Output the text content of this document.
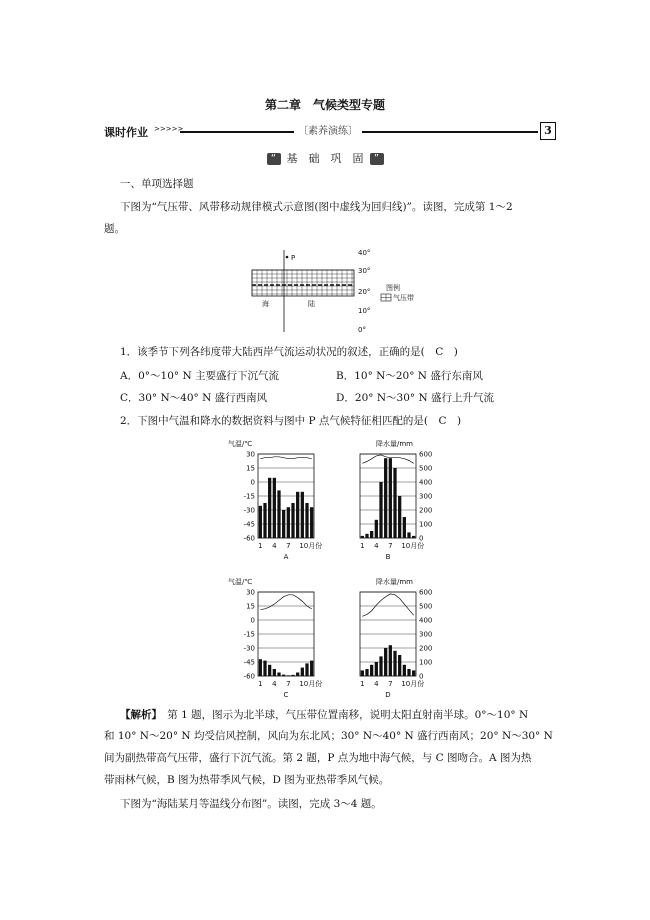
第二章　气候类型专题
课时作业 >>>>>	〔素养演练〕	3
“ 基　础　巩　固 ”
一、单项选择题
下图为“气压带、风带移动规律模式示意图(图中虚线为回归线)”。读图，完成第 1～2
题。
P
海	陆
40°
30°
20°
10°
0°
图例
气压带
1．该季节下列各纬度带大陆西岸气流运动状况的叙述，正确的是(　C　)
A．0°～10° N 主要盛行下沉气流	B．10° N～20° N 盛行东南风
C．30° N～40° N 盛行西南风	D．20° N～30° N 盛行上升气流
2．下图中气温和降水的数据资料与图中 P 点气候特征相匹配的是(　C　)
气温/℃
30
15
0
-15
-30
-45
-60
1 4 7 10月份
A
降水量/mm
600
500
400
300
200
100
0
1 4 7 10月份
B
气温/℃
30
15
0
-15
-30
-45
-60
1 4 7 10月份
C
降水量/mm
600
500
400
300
200
100
0
1 4 7 10月份
D
【解析】　 第 1 题，图示为北半球，气压带位置南移，说明太阳直射南半球。0°～10° N
和 10° N～20° N 均受信风控制，风向为东北风；30° N～40° N 盛行西南风；20° N～30° N
间为副热带高气压带，盛行下沉气流。第 2 题，P 点为地中海气候，与 C 图吻合。A 图为热
带雨林气候，B 图为热带季风气候，D 图为亚热带季风气候。
下图为“海陆某月等温线分布图”。读图，完成 3～4 题。
